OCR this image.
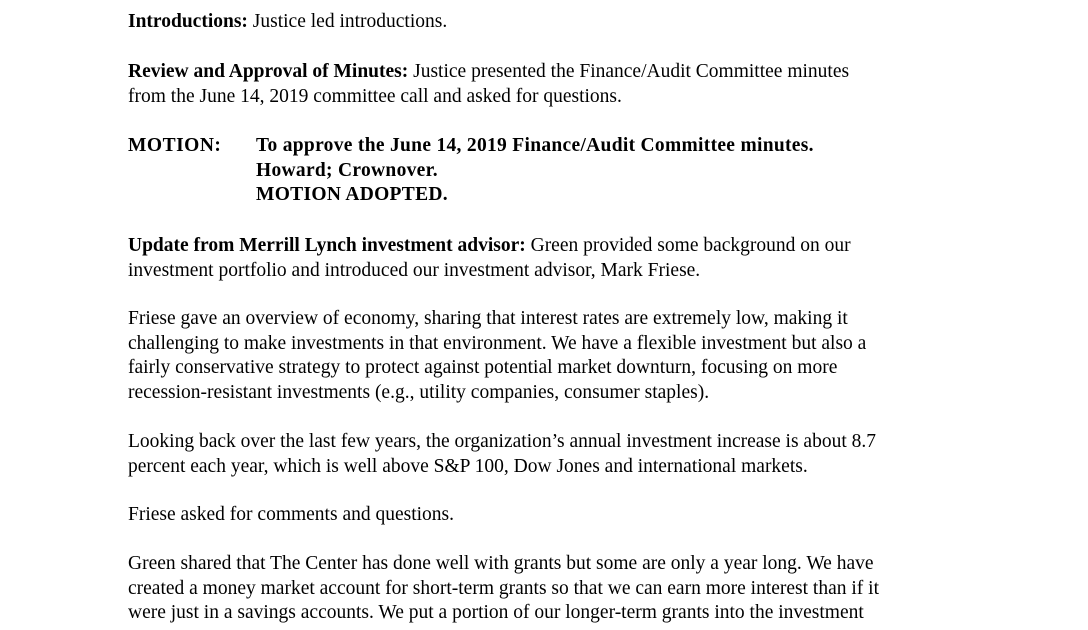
Introductions: Justice led introductions.

Review and Approval of Minutes: Justice presented the Finance/Audit Committee minutes
from the June 14, 2019 committee call and asked for questions.

MOTION: To approve the June 14, 2019 Finance/Audit Committee minutes.
Howard; Crownover.
MOTION ADOPTED.

Update from Merrill Lynch investment advisor: Green provided some background on our
investment portfolio and introduced our investment advisor, Mark Friese.

Friese gave an overview of economy, sharing that interest rates are extremely low, making it
challenging to make investments in that environment. We have a flexible investment but also a
fairly conservative strategy to protect against potential market downturn, focusing on more
recession-resistant investments (e.g., utility companies, consumer staples).

Looking back over the last few years, the organization’s annual investment increase is about 8.7
percent each year, which is well above S&P 100, Dow Jones and international markets.

Friese asked for comments and questions.

Green shared that The Center has done well with grants but some are only a year long. We have
created a money market account for short-term grants so that we can earn more interest than if it
were just in a savings accounts. We put a portion of our longer-term grants into the investment
